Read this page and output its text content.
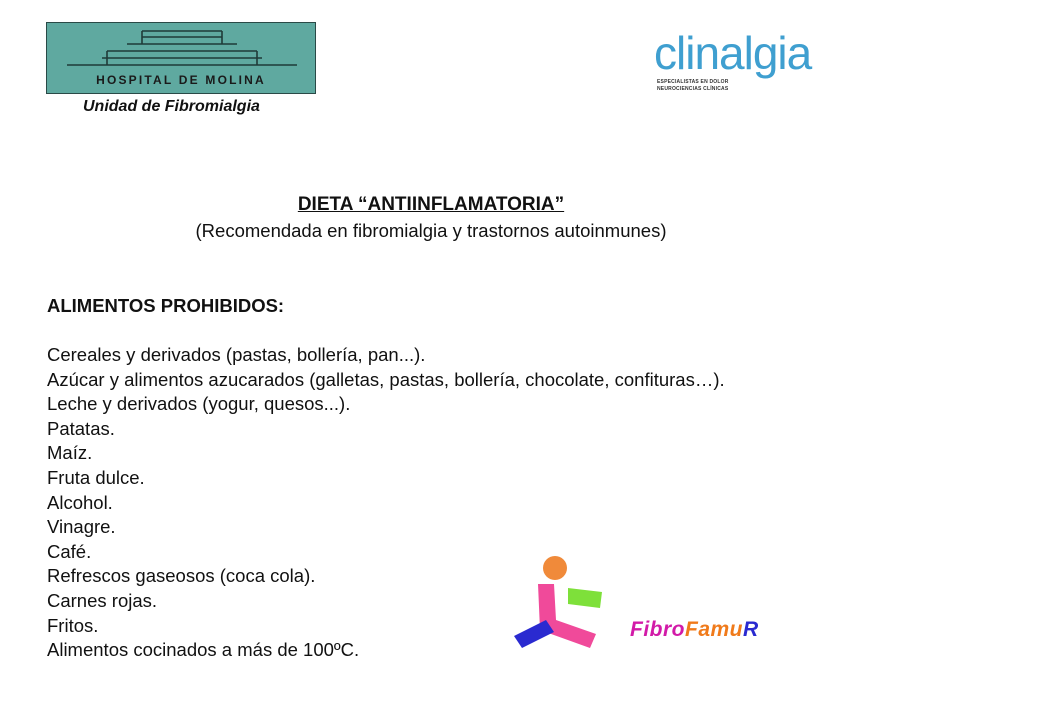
HOSPITAL DE MOLINA
Unidad de Fibromialgia
clinalgia
ESPECIALISTAS EN DOLOR
NEUROCIENCIAS CLÍNICAS
DIETA “ANTIINFLAMATORIA”
(Recomendada en fibromialgia y trastornos autoinmunes)
ALIMENTOS PROHIBIDOS:
Cereales y derivados (pastas, bollería, pan...).
Azúcar y alimentos azucarados (galletas, pastas, bollería, chocolate, confituras…).
Leche y derivados (yogur, quesos...).
Patatas.
Maíz.
Fruta dulce.
Alcohol.
Vinagre.
Café.
Refrescos gaseosos (coca cola).
Carnes rojas.
Fritos.
Alimentos cocinados a más de 100ºC.
FibroFamuR
